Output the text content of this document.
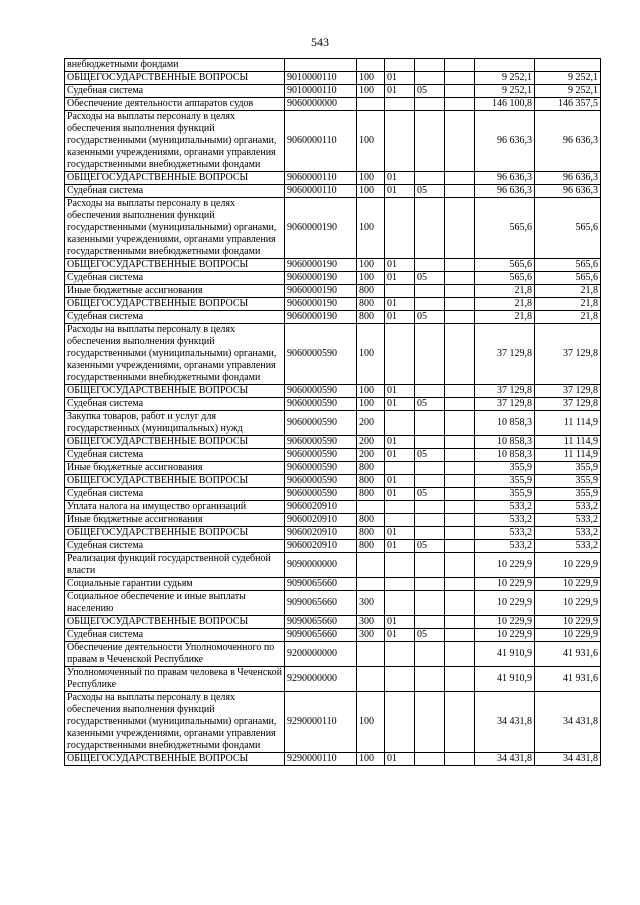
543
внебюджетными фондами							
ОБЩЕГОСУДАРСТВЕННЫЕ ВОПРОСЫ	9010000110	100	01			9 252,1	9 252,1
Судебная система	9010000110	100	01	05		9 252,1	9 252,1
Обеспечение деятельности аппаратов судов	9060000000					146 100,8	146 357,5
Расходы на выплаты персоналу в целях обеспечения выполнения функций государственными (муниципальными) органами, казенными учреждениями, органами управления государственными внебюджетными фондами	9060000110	100				96 636,3	96 636,3
ОБЩЕГОСУДАРСТВЕННЫЕ ВОПРОСЫ	9060000110	100	01			96 636,3	96 636,3
Судебная система	9060000110	100	01	05		96 636,3	96 636,3
Расходы на выплаты персоналу в целях обеспечения выполнения функций государственными (муниципальными) органами, казенными учреждениями, органами управления государственными внебюджетными фондами	9060000190	100				565,6	565,6
ОБЩЕГОСУДАРСТВЕННЫЕ ВОПРОСЫ	9060000190	100	01			565,6	565,6
Судебная система	9060000190	100	01	05		565,6	565,6
Иные бюджетные ассигнования	9060000190	800				21,8	21,8
ОБЩЕГОСУДАРСТВЕННЫЕ ВОПРОСЫ	9060000190	800	01			21,8	21,8
Судебная система	9060000190	800	01	05		21,8	21,8
Расходы на выплаты персоналу в целях обеспечения выполнения функций государственными (муниципальными) органами, казенными учреждениями, органами управления государственными внебюджетными фондами	9060000590	100				37 129,8	37 129,8
ОБЩЕГОСУДАРСТВЕННЫЕ ВОПРОСЫ	9060000590	100	01			37 129,8	37 129,8
Судебная система	9060000590	100	01	05		37 129,8	37 129,8
Закупка товаров, работ и услуг для государственных (муниципальных) нужд	9060000590	200				10 858,3	11 114,9
ОБЩЕГОСУДАРСТВЕННЫЕ ВОПРОСЫ	9060000590	200	01			10 858,3	11 114,9
Судебная система	9060000590	200	01	05		10 858,3	11 114,9
Иные бюджетные ассигнования	9060000590	800				355,9	355,9
ОБЩЕГОСУДАРСТВЕННЫЕ ВОПРОСЫ	9060000590	800	01			355,9	355,9
Судебная система	9060000590	800	01	05		355,9	355,9
Уплата налога на имущество организаций	9060020910					533,2	533,2
Иные бюджетные ассигнования	9060020910	800				533,2	533,2
ОБЩЕГОСУДАРСТВЕННЫЕ ВОПРОСЫ	9060020910	800	01			533,2	533,2
Судебная система	9060020910	800	01	05		533,2	533,2
Реализация функций государственной судебной власти	9090000000					10 229,9	10 229,9
Социальные гарантии судьям	9090065660					10 229,9	10 229,9
Социальное обеспечение и иные выплаты населению	9090065660	300				10 229,9	10 229,9
ОБЩЕГОСУДАРСТВЕННЫЕ ВОПРОСЫ	9090065660	300	01			10 229,9	10 229,9
Судебная система	9090065660	300	01	05		10 229,9	10 229,9
Обеспечение деятельности Уполномоченного по правам в Чеченской Республике	9200000000					41 910,9	41 931,6
Уполномоченный по правам человека в Чеченской Республике	9290000000					41 910,9	41 931,6
Расходы на выплаты персоналу в целях обеспечения выполнения функций государственными (муниципальными) органами, казенными учреждениями, органами управления государственными внебюджетными фондами	9290000110	100				34 431,8	34 431,8
ОБЩЕГОСУДАРСТВЕННЫЕ ВОПРОСЫ	9290000110	100	01			34 431,8	34 431,8
